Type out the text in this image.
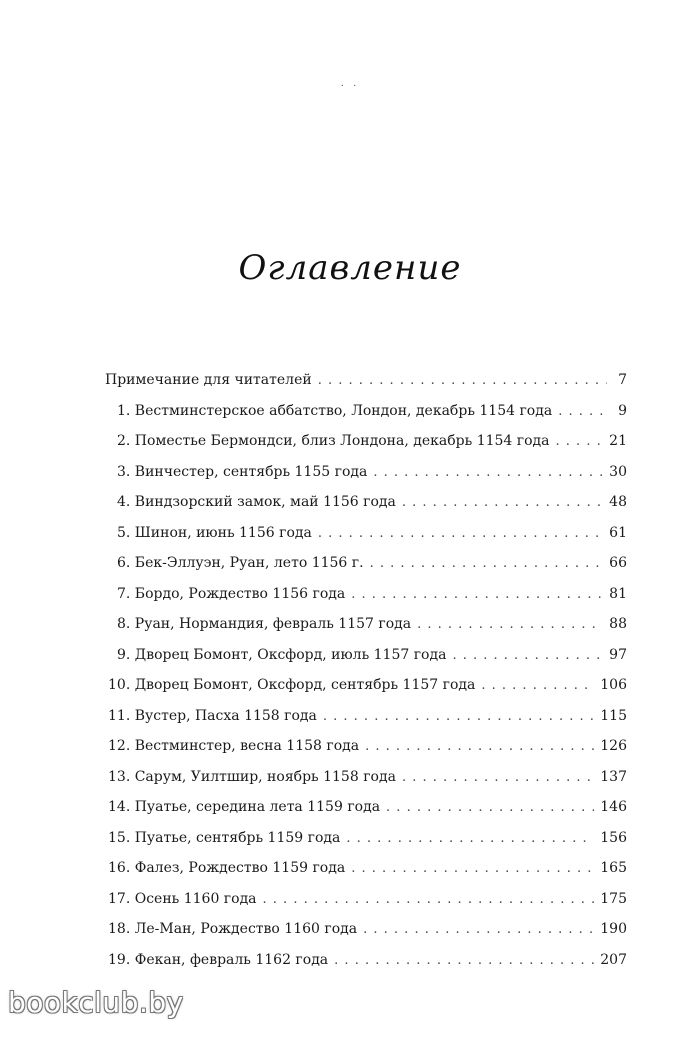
· ·
Оглавление
Примечание для читателей . . .	7
1. Вестминстерское аббатство, Лондон, декабрь 1154 года . . .	9
2. Поместье Бермондси, близ Лондона, декабрь 1154 года . . .	21
3. Винчестер, сентябрь 1155 года . . .	30
4. Виндзорский замок, май 1156 года . . .	48
5. Шинон, июнь 1156 года . . .	61
6. Бек-Эллуэн, Руан, лето 1156 г. . . .	66
7. Бордо, Рождество 1156 года . . .	81
8. Руан, Нормандия, февраль 1157 года . . .	88
9. Дворец Бомонт, Оксфорд, июль 1157 года . . .	97
10. Дворец Бомонт, Оксфорд, сентябрь 1157 года . . .	106
11. Вустер, Пасха 1158 года . . .	115
12. Вестминстер, весна 1158 года . . .	126
13. Сарум, Уилтшир, ноябрь 1158 года . . .	137
14. Пуатье, середина лета 1159 года . . .	146
15. Пуатье, сентябрь 1159 года . . .	156
16. Фалез, Рождество 1159 года . . .	165
17. Осень 1160 года . . .	175
18. Ле-Ман, Рождество 1160 года . . .	190
19. Фекан, февраль 1162 года . . .	207
bookclub.by
